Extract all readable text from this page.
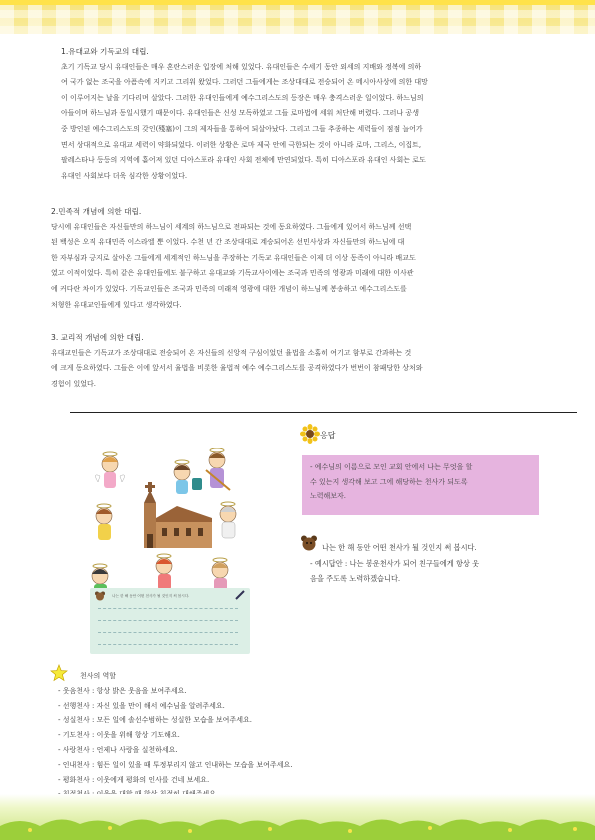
1.유대교와 기독교의 대립.
초기 기독교 당시 유대인들은 매우 혼란스러운 입장에 처해 있었다. 유대인들은 수세기 동안 외세의 지배와 정복에 의하
여 국가 없는 조국을 아픔속에 지키고 그리워 왔었다. 그러던 그들에게는 조상대대로 전승되어 온 메시아사상에 의한 대망
이 이루어지는 날을 기다리며 살았다. 그러한 유대인들에게 예수그리스도의 등장은 매우 충격스러운 일이었다. 하느님의
아들이며 하느님과 동일시했기 때문이다. 유대인들은 신성 모독하였고 그들 로마법에 세워 처단해 버렸다. 그러나 공생
중 방인된 예수그리스도의 갖인(殘塞)이 그의 제자들을 통하여 되살아났다. 그리고 그들 추종하는 세력들이 점점 늘어가
면서 상대적으로 유대교 세력이 약화되었다. 이러한 상황은 로마 제국 안에 극한되는 것이 아니라 로마, 그리스, 이집트,
팔레스타나 등등의 지역에 흩어져 있던 디아스포라 유대인 사회 전체에 만연되었다. 특히 디아스포라 유대인 사회는 로도
유대인 사회보다 더욱 심각한 상황이었다.
2.민족적 개념에 의한 대립.
당시에 유대인들은 자신들만의 하느님이 세계의 하느님으로 전파되는 것에 동요하였다. 그들에게 있어서 하느님께 선택
된 백성은 오직 유대민족 이스라엘 뿐 이었다. 수천 년 간 조상대대로 계승되어온 선민사상과 자신들만의 하느님에 대
한 자부심과 긍지로 살아온 그들에게 세계적인 하느님을 주장하는 기독교 유대인들은 이제 더 이상 동족이 아니라 배교도
였고 이적이었다. 특히 같은 유대인들에도 불구하고 유대교와 기독교사이에는 조국과 민족의 영광과 미래에 대한 이사관
에 커다란 차이가 있었다. 기독교인들은 조국과 민족의 미래적 영광에 대한 개념이 하느님께 봉송하고 예수그리스도를
처형한 유대교인들에게 있다고 생각하였다.
3. 교리적 개념에 의한 대립.
유대교인들은 기독교가 조상대대로 전승되어 온 자신들의 신앙적 구심이었던 율법을 소홀히 여기고 함부로 간과하는 것
에 크게 동요하였다. 그들은 이에 앞서서 율법을 비롯한 율법적 예수 예수그리스도를 공격하였다가 번번이 참패당한 상처와
경험이 있었다.
나는 한 해 동안 어떤 천사가 될 것인지 써 봅시다.
응답
- 예수님의 이름으로 모인 교회 안에서 나는 무엇을 할
수 있는지 생각해 보고 그에 해당하는 천사가 되도록
노력해보자.
나는 한 해 동안 어떤 천사가 될 것인지 써 봅시다.
- 예시답안 : 나는 봉운천사가 되어 친구들에게 항상 웃
음을 주도록 노력하겠습니다.
천사의 역할
- 웃음천사 : 항상 밝은 웃음을 보여주세요.
- 선행천사 : 자신 있을 만이 해서 예수님을 알려주세요.
- 성실천사 : 모든 일에 솔선수범하는 성실한 모습을 보여주세요.
- 기도천사 : 이웃을 위해 항상 기도해요.
- 사랑천사 : 언제나 사랑을 실천하세요.
- 인내천사 : 힘든 일이 있을 때 투정부리지 않고 인내하는 모습을 보여주세요.
- 평화천사 : 이웃에게 평화의 인사를 건네 보세요.
